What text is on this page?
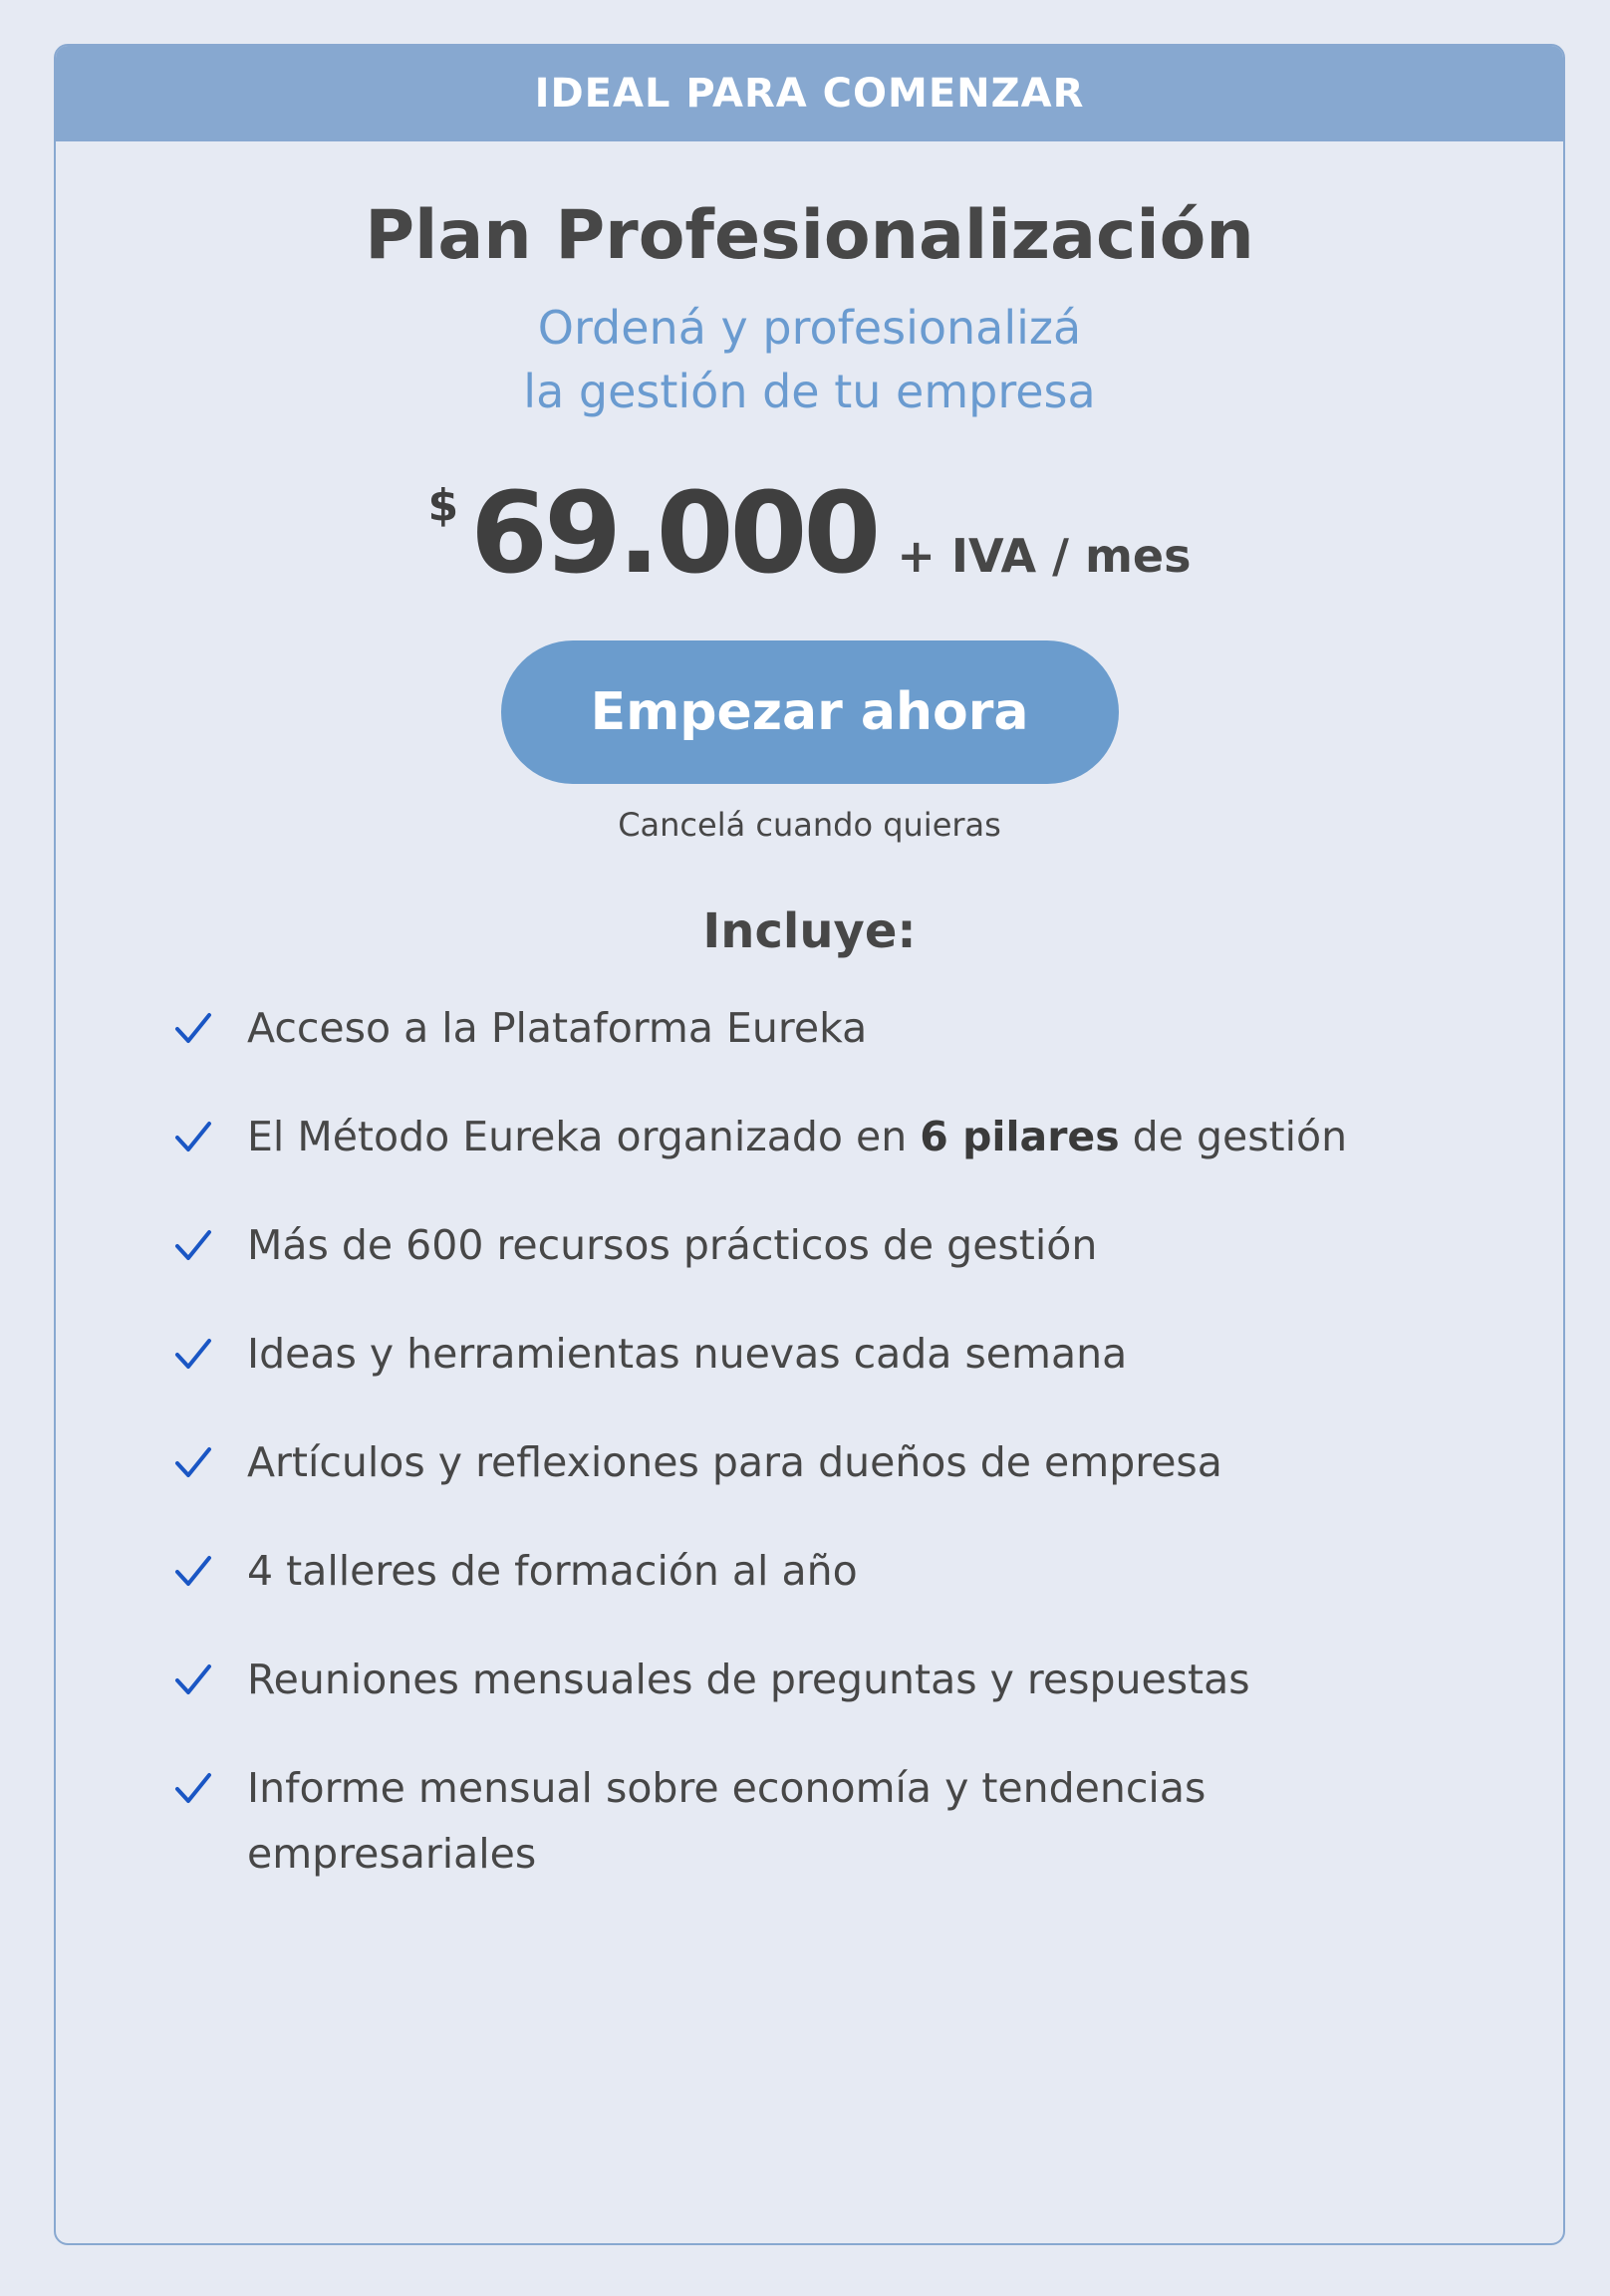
IDEAL PARA COMENZAR
Plan Profesionalización
Ordená y profesionalizá
la gestión de tu empresa
$ 69.000 + IVA / mes
Empezar ahora
Cancelá cuando quieras
Incluye:
Acceso a la Plataforma Eureka
El Método Eureka organizado en 6 pilares de gestión
Más de 600 recursos prácticos de gestión
Ideas y herramientas nuevas cada semana
Artículos y reflexiones para dueños de empresa
4 talleres de formación al año
Reuniones mensuales de preguntas y respuestas
Informe mensual sobre economía y tendencias empresariales
